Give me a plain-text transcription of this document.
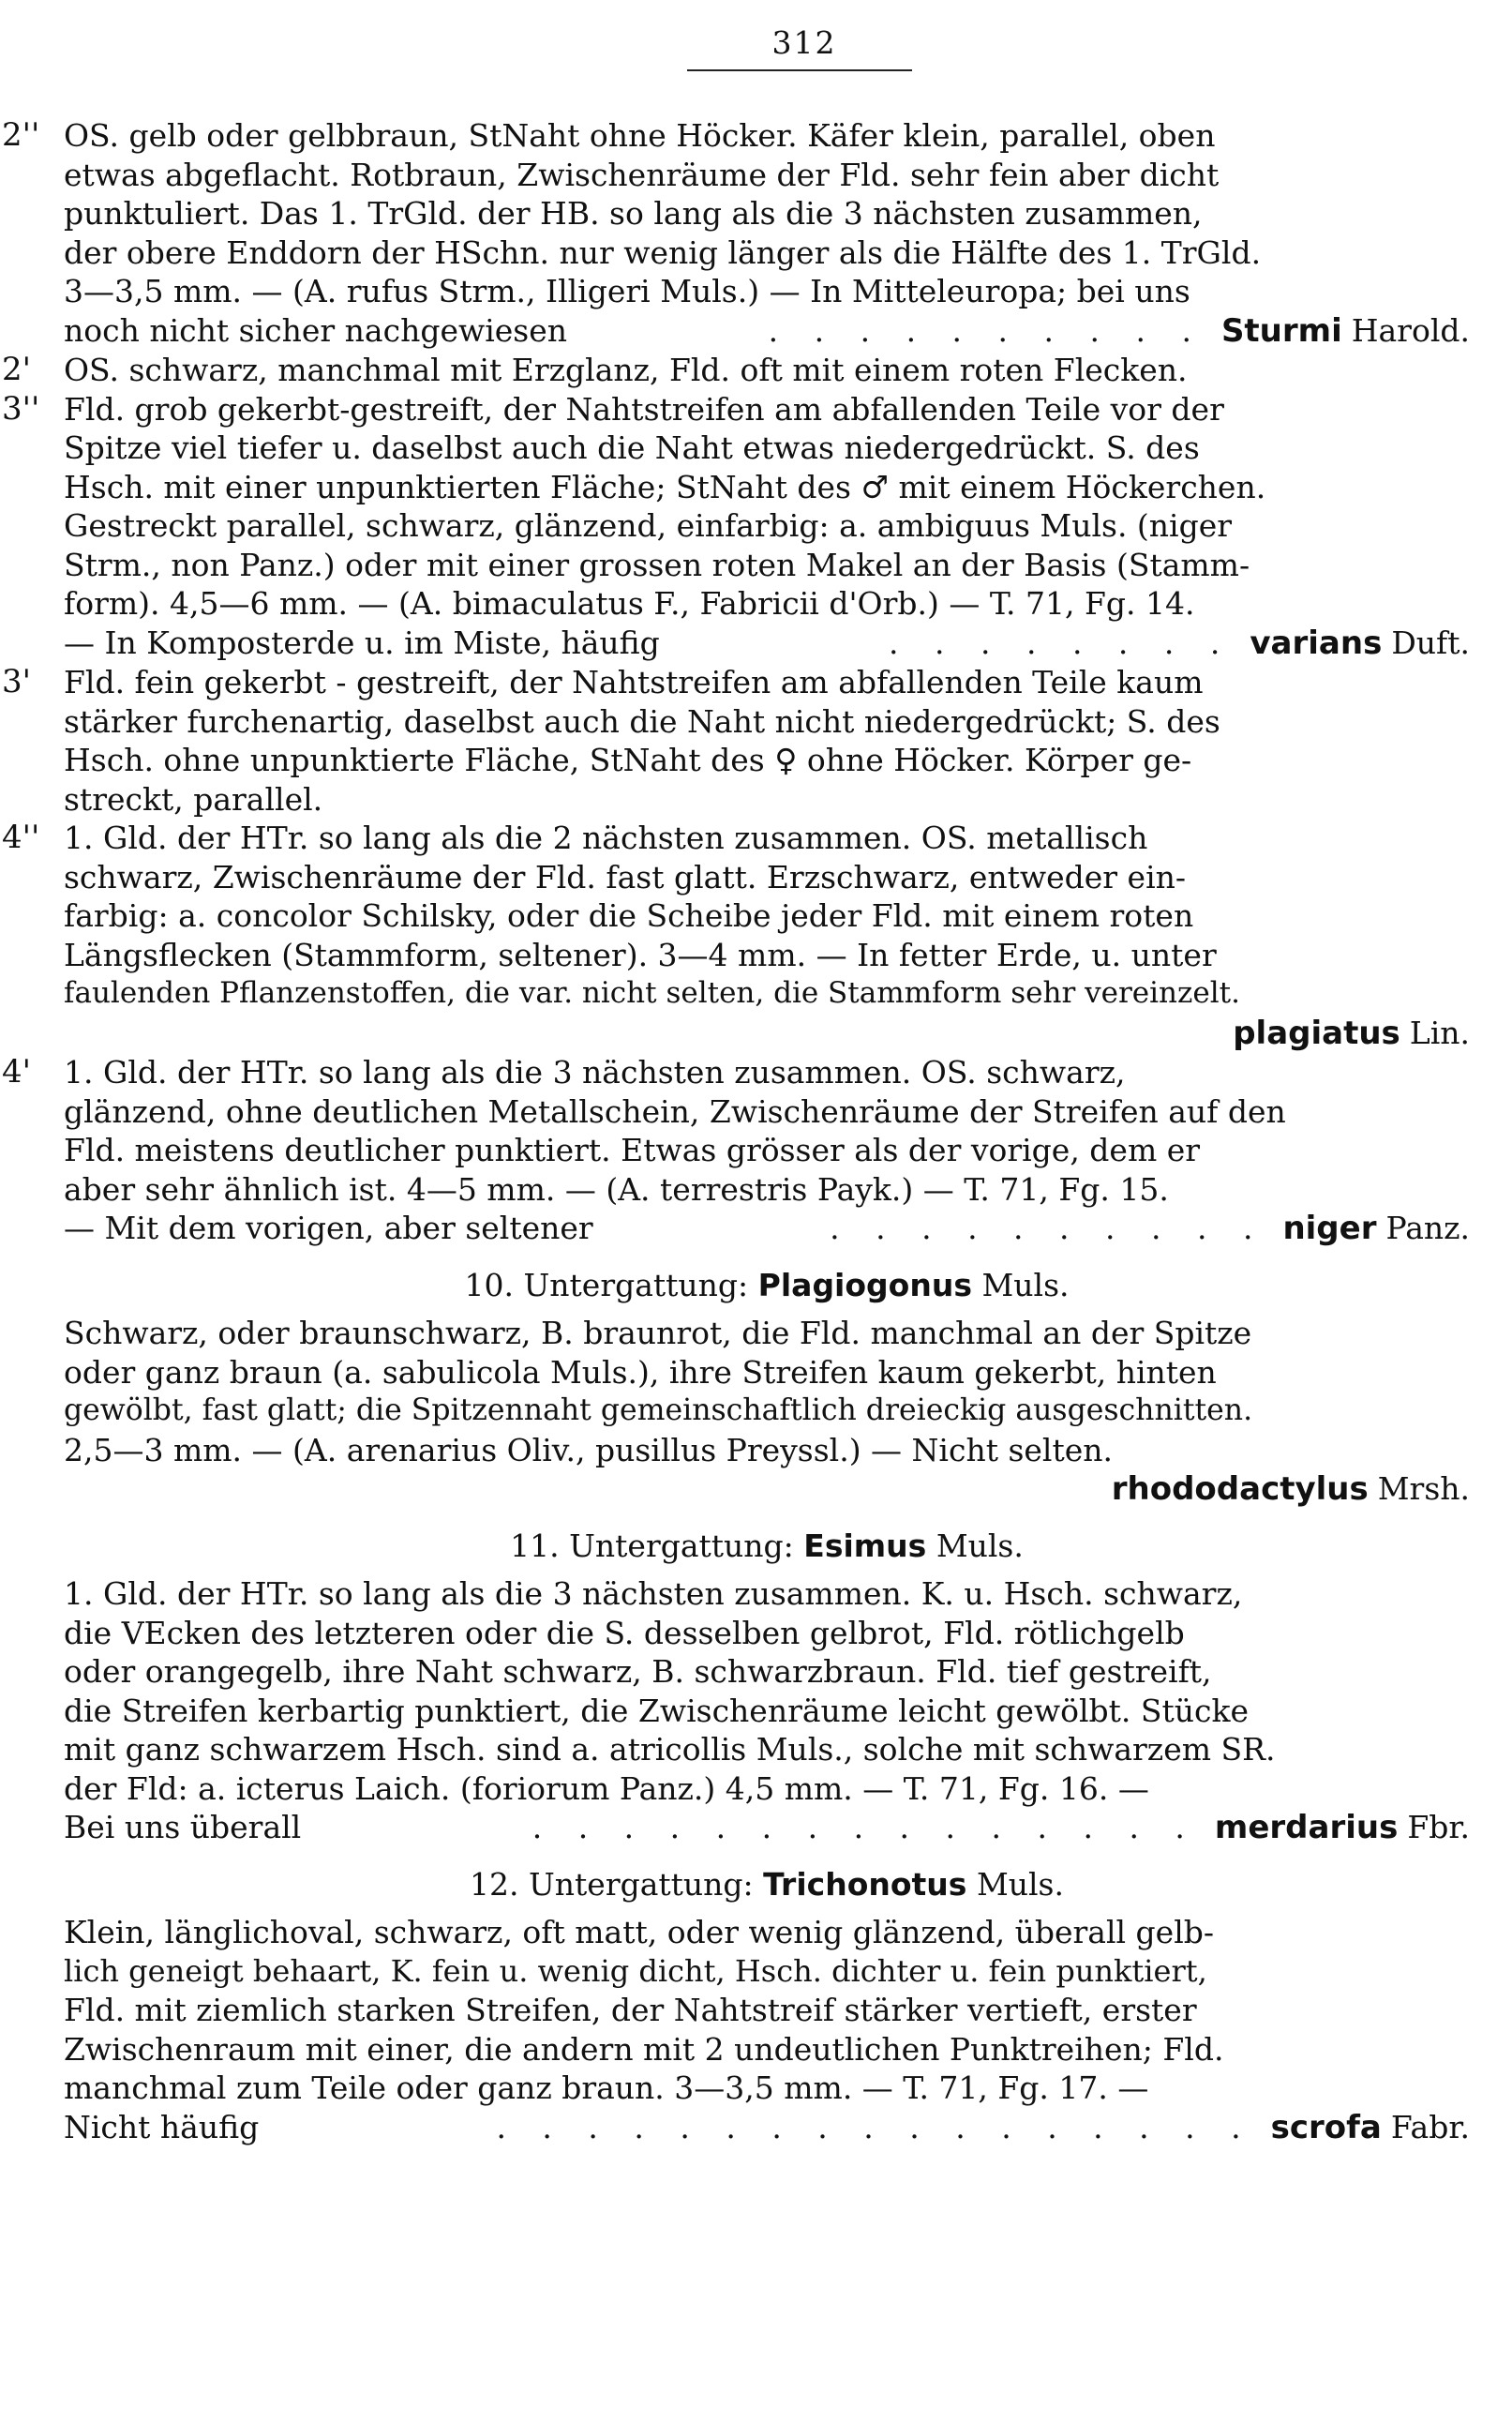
312
2'' OS. gelb oder gelbbraun, StNaht ohne Höcker. Käfer klein, parallel, oben
etwas abgeflacht. Rotbraun, Zwischenräume der Fld. sehr fein aber dicht
punktuliert. Das 1. TrGld. der HB. so lang als die 3 nächsten zusammen,
der obere Enddorn der HSchn. nur wenig länger als die Hälfte des 1. TrGld.
3—3,5 mm. — (A. rufus Strm., Illigeri Muls.) — In Mitteleuropa; bei uns
noch nicht sicher nachgewiesen	. . . . . . . . . . Sturmi Harold.
2'	OS. schwarz, manchmal mit Erzglanz, Fld. oft mit einem roten Flecken.
3'' Fld. grob gekerbt-gestreift, der Nahtstreifen am abfallenden Teile vor der
Spitze viel tiefer u. daselbst auch die Naht etwas niedergedrückt. S. des
Hsch. mit einer unpunktierten Fläche; StNaht des ♂ mit einem Höckerchen.
Gestreckt parallel, schwarz, glänzend, einfarbig: a. ambiguus Muls. (niger
Strm., non Panz.) oder mit einer grossen roten Makel an der Basis (Stamm-
form). 4,5—6 mm. — (A. bimaculatus F., Fabricii d'Orb.) — T. 71, Fg. 14.
— In Komposterde u. im Miste, häufig	. . . . . . . . varians Duft.
3'	Fld. fein gekerbt - gestreift, der Nahtstreifen am abfallenden Teile kaum
stärker furchenartig, daselbst auch die Naht nicht niedergedrückt; S. des
Hsch. ohne unpunktierte Fläche, StNaht des ♀ ohne Höcker. Körper ge-
streckt, parallel.
4'' 1. Gld. der HTr. so lang als die 2 nächsten zusammen. OS. metallisch
schwarz, Zwischenräume der Fld. fast glatt. Erzschwarz, entweder ein-
farbig: a. concolor Schilsky, oder die Scheibe jeder Fld. mit einem roten
Längsflecken (Stammform, seltener). 3—4 mm. — In fetter Erde, u. unter
faulenden Pflanzenstoffen, die var. nicht selten, die Stammform sehr vereinzelt.
plagiatus Lin.
4'	1. Gld. der HTr. so lang als die 3 nächsten zusammen. OS. schwarz,
glänzend, ohne deutlichen Metallschein, Zwischenräume der Streifen auf den
Fld. meistens deutlicher punktiert. Etwas grösser als der vorige, dem er
aber sehr ähnlich ist. 4—5 mm. — (A. terrestris Payk.) — T. 71, Fg. 15.
— Mit dem vorigen, aber seltener	. . . . . . . . . . niger Panz.
10. Untergattung: Plagiogonus Muls.
Schwarz, oder braunschwarz, B. braunrot, die Fld. manchmal an der Spitze
oder ganz braun (a. sabulicola Muls.), ihre Streifen kaum gekerbt, hinten
gewölbt, fast glatt; die Spitzennaht gemeinschaftlich dreieckig ausgeschnitten.
2,5—3 mm. — (A. arenarius Oliv., pusillus Preyssl.) — Nicht selten.
rhododactylus Mrsh.
11. Untergattung: Esimus Muls.
1. Gld. der HTr. so lang als die 3 nächsten zusammen. K. u. Hsch. schwarz,
die VEcken des letzteren oder die S. desselben gelbrot, Fld. rötlichgelb
oder orangegelb, ihre Naht schwarz, B. schwarzbraun. Fld. tief gestreift,
die Streifen kerbartig punktiert, die Zwischenräume leicht gewölbt. Stücke
mit ganz schwarzem Hsch. sind a. atricollis Muls., solche mit schwarzem SR.
der Fld: a. icterus Laich. (foriorum Panz.) 4,5 mm. — T. 71, Fg. 16. —
Bei uns überall	. . . . . . . . . . . . . . . merdarius Fbr.
12. Untergattung: Trichonotus Muls.
Klein, länglichoval, schwarz, oft matt, oder wenig glänzend, überall gelb-
lich geneigt behaart, K. fein u. wenig dicht, Hsch. dichter u. fein punktiert,
Fld. mit ziemlich starken Streifen, der Nahtstreif stärker vertieft, erster
Zwischenraum mit einer, die andern mit 2 undeutlichen Punktreihen; Fld.
manchmal zum Teile oder ganz braun. 3—3,5 mm. — T. 71, Fg. 17. —
Nicht häufig	. . . . . . . . . . . . . . . . . scrofa Fabr.
